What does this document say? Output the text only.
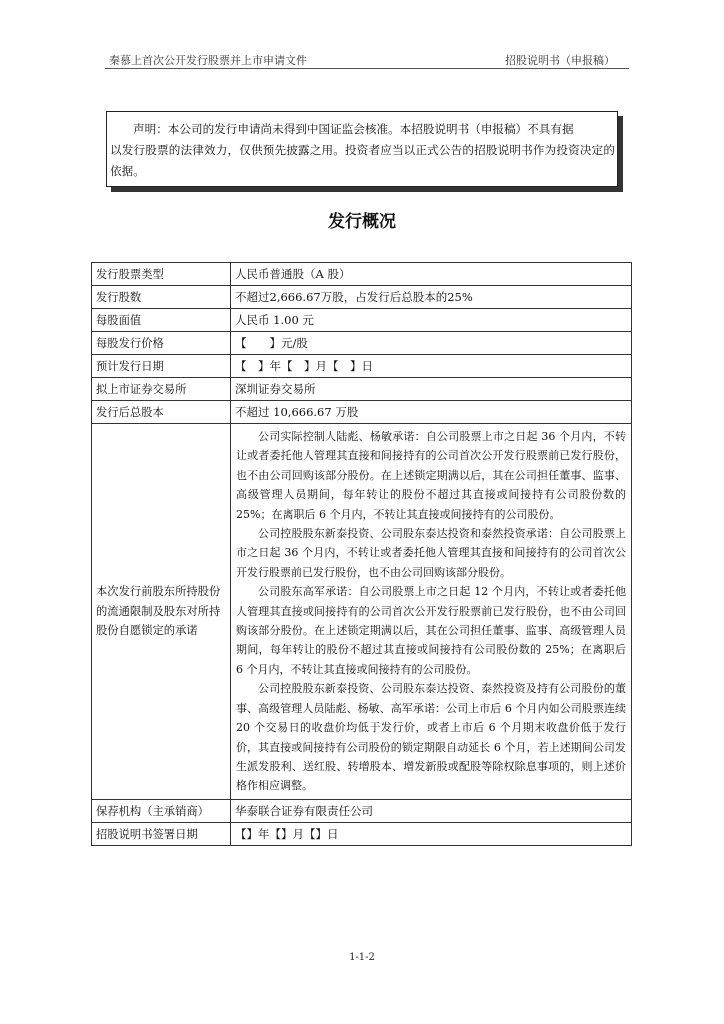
秦慕上首次公开发行股票并上市申请文件	招股说明书（申报稿）
声明：本公司的发行申请尚未得到中国证监会核准。本招股说明书（申报稿）不具有据
以发行股票的法律效力，仅供预先披露之用。投资者应当以正式公告的招股说明书作为投资决定的依据。
发行概况
发行股票类型	人民币普通股（A 股）
发行股数	不超过2,666.67万股，占发行后总股本的25%
每股面值	人民币 1.00 元
每股发行价格	【　　】元/股
预计发行日期	【　】年【　】月【　】日
拟上市证券交易所	深圳证券交易所
发行后总股本	不超过 10,666.67 万股
本次发行前股东所持股份的流通限制及股东对所持股份自愿锁定的承诺	公司实际控制人陆彪、杨敏承诺：自公司股票上市之日起 36 个月内，不转让或者委托他人管理其直接和间接持有的公司首次公开发行股票前已发行股份，也不由公司回购该部分股份。在上述锁定期满以后，其在公司担任董事、监事、高级管理人员期间，每年转让的股份不超过其直接或间接持有公司股份数的 25%；在离职后 6 个月内，不转让其直接或间接持有的公司股份。

公司控股股东新泰投资、公司股东泰达投资和泰然投资承诺：自公司股票上市之日起 36 个月内，不转让或者委托他人管理其直接和间接持有的公司首次公开发行股票前已发行股份，也不由公司回购该部分股份。

公司股东高军承诺：自公司股票上市之日起 12 个月内，不转让或者委托他人管理其直接或间接持有的公司首次公开发行股票前已发行股份，也不由公司回购该部分股份。在上述锁定期满以后，其在公司担任董事、监事、高级管理人员期间，每年转让的股份不超过其直接或间接持有公司股份数的 25%；在离职后 6 个月内，不转让其直接或间接持有的公司股份。

公司控股股东新泰投资、公司股东泰达投资、泰然投资及持有公司股份的董事、高级管理人员陆彪、杨敏、高军承诺：公司上市后 6 个月内如公司股票连续 20 个交易日的收盘价均低于发行价，或者上市后 6 个月期末收盘价低于发行价，其直接或间接持有公司股份的锁定期限自动延长 6 个月，若上述期间公司发生派发股利、送红股、转增股本、增发新股或配股等除权除息事项的，则上述价格作相应调整。

保荐机构（主承销商）	华泰联合证券有限责任公司
招股说明书签署日期	【】年【】月【】日
1-1-2
